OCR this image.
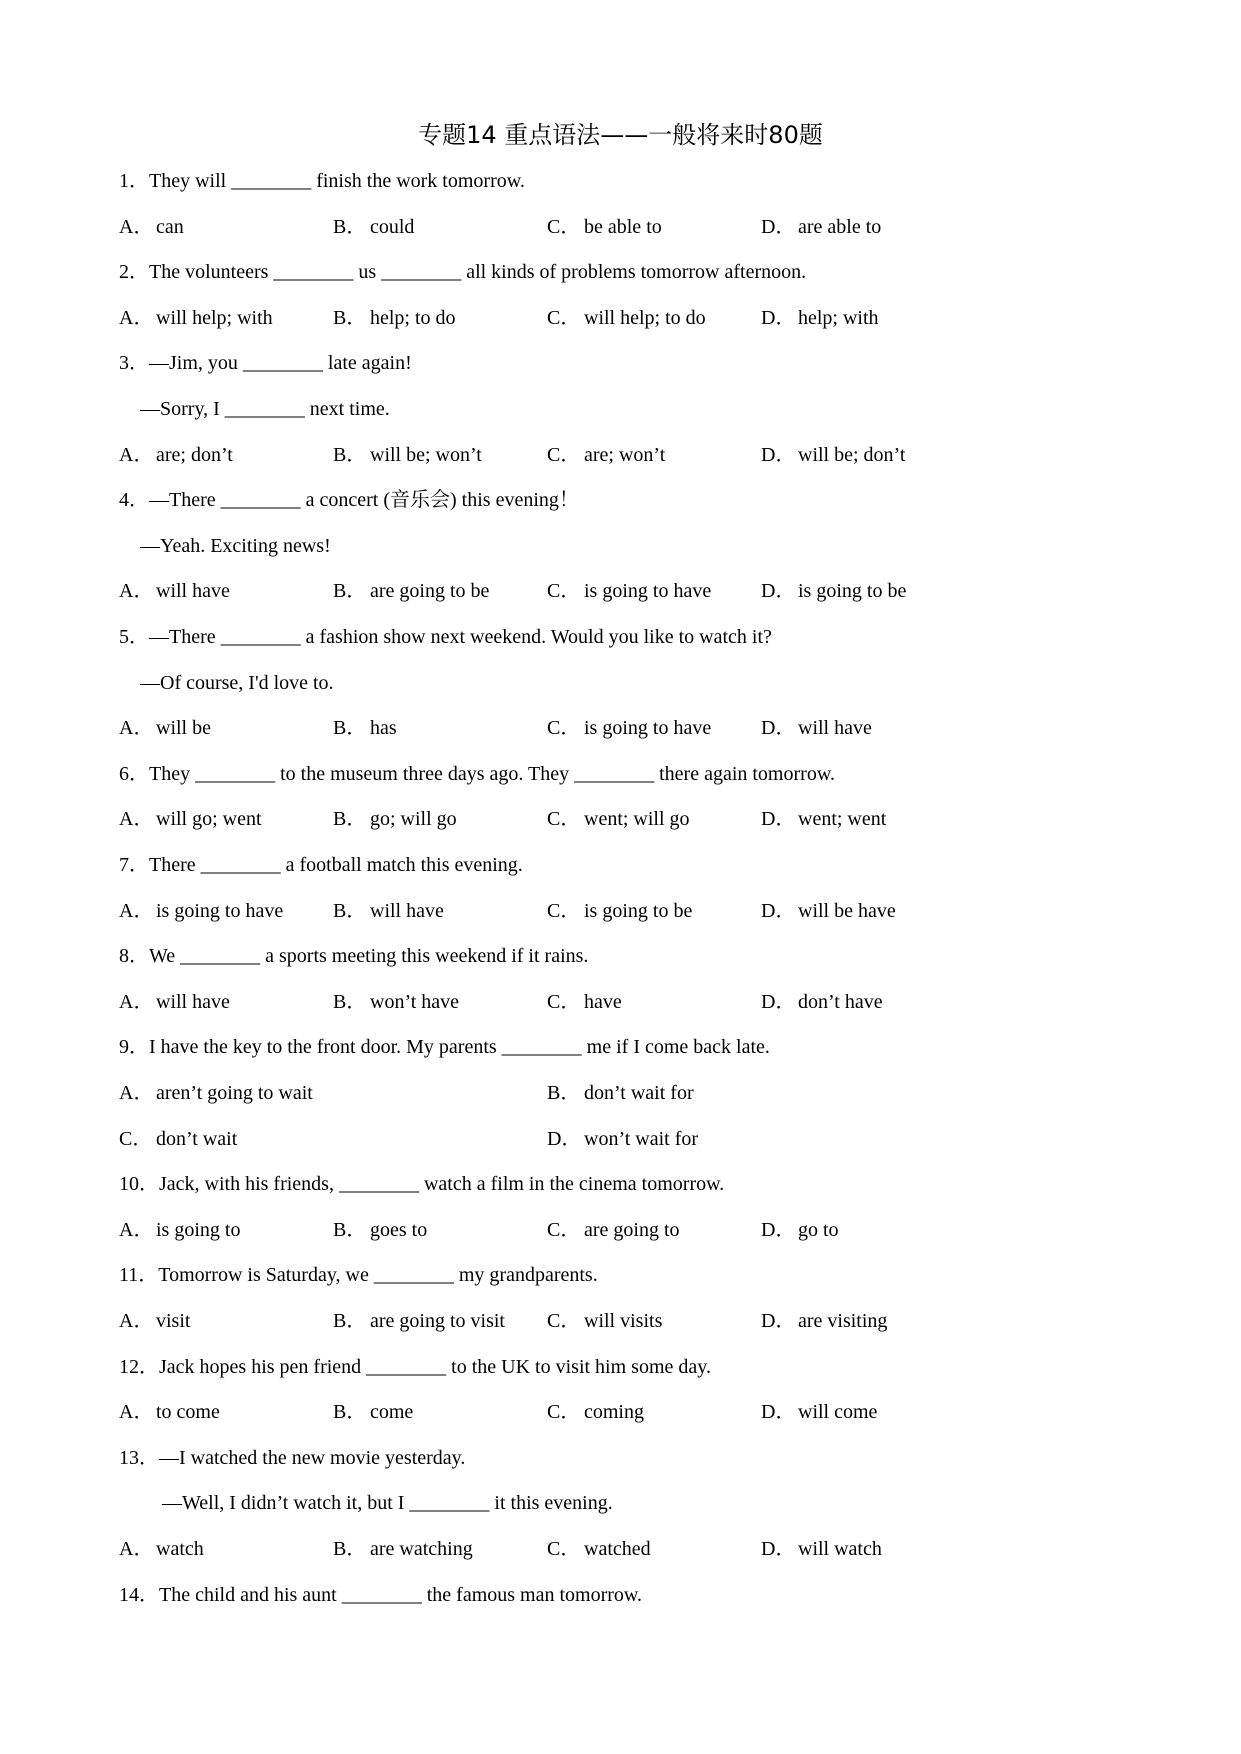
专题14 重点语法——一般将来时80题
1．They will ________ finish the work tomorrow.
A． can	B． could	C． be able to	D． are able to
2．The volunteers ________ us ________ all kinds of problems tomorrow afternoon.
A． will help; with	B． help; to do	C． will help; to do	D． help; with
3．—Jim, you ________ late again!
—Sorry, I ________ next time.
A． are; don’t	B． will be; won’t	C． are; won’t	D． will be; don’t
4．—There ________ a concert (音乐会) this evening！
—Yeah. Exciting news!
A． will have	B． are going to be	C． is going to have D． is going to be
5．—There ________ a fashion show next weekend. Would you like to watch it?
—Of course, I'd love to.
A． will be	B． has	C． is going to have D． will have
6．They ________ to the museum three days ago. They ________ there again tomorrow.
A． will go; went	B． go; will go	C． went; will go	D． went; went
7．There ________ a football match this evening.
A． is going to have B． will have	C． is going to be	D． will be have
8．We ________ a sports meeting this weekend if it rains.
A． will have	B． won’t have	C． have	D． don’t have
9．I have the key to the front door. My parents ________ me if I come back late.
A． aren’t going to wait	B． don’t wait for
C． don’t wait	D． won’t wait for
10．Jack, with his friends, ________ watch a film in the cinema tomorrow.
A． is going to	B． goes to	C． are going to	D． go to
11．Tomorrow is Saturday, we ________ my grandparents.
A． visit	B． are going to visit C． will visits	D． are visiting
12．Jack hopes his pen friend ________ to the UK to visit him some day.
A． to come	B． come	C． coming	D． will come
13．—I watched the new movie yesterday.
—Well, I didn’t watch it, but I ________ it this evening.
A． watch	B． are watching	C． watched	D． will watch
14．The child and his aunt ________ the famous man tomorrow.
